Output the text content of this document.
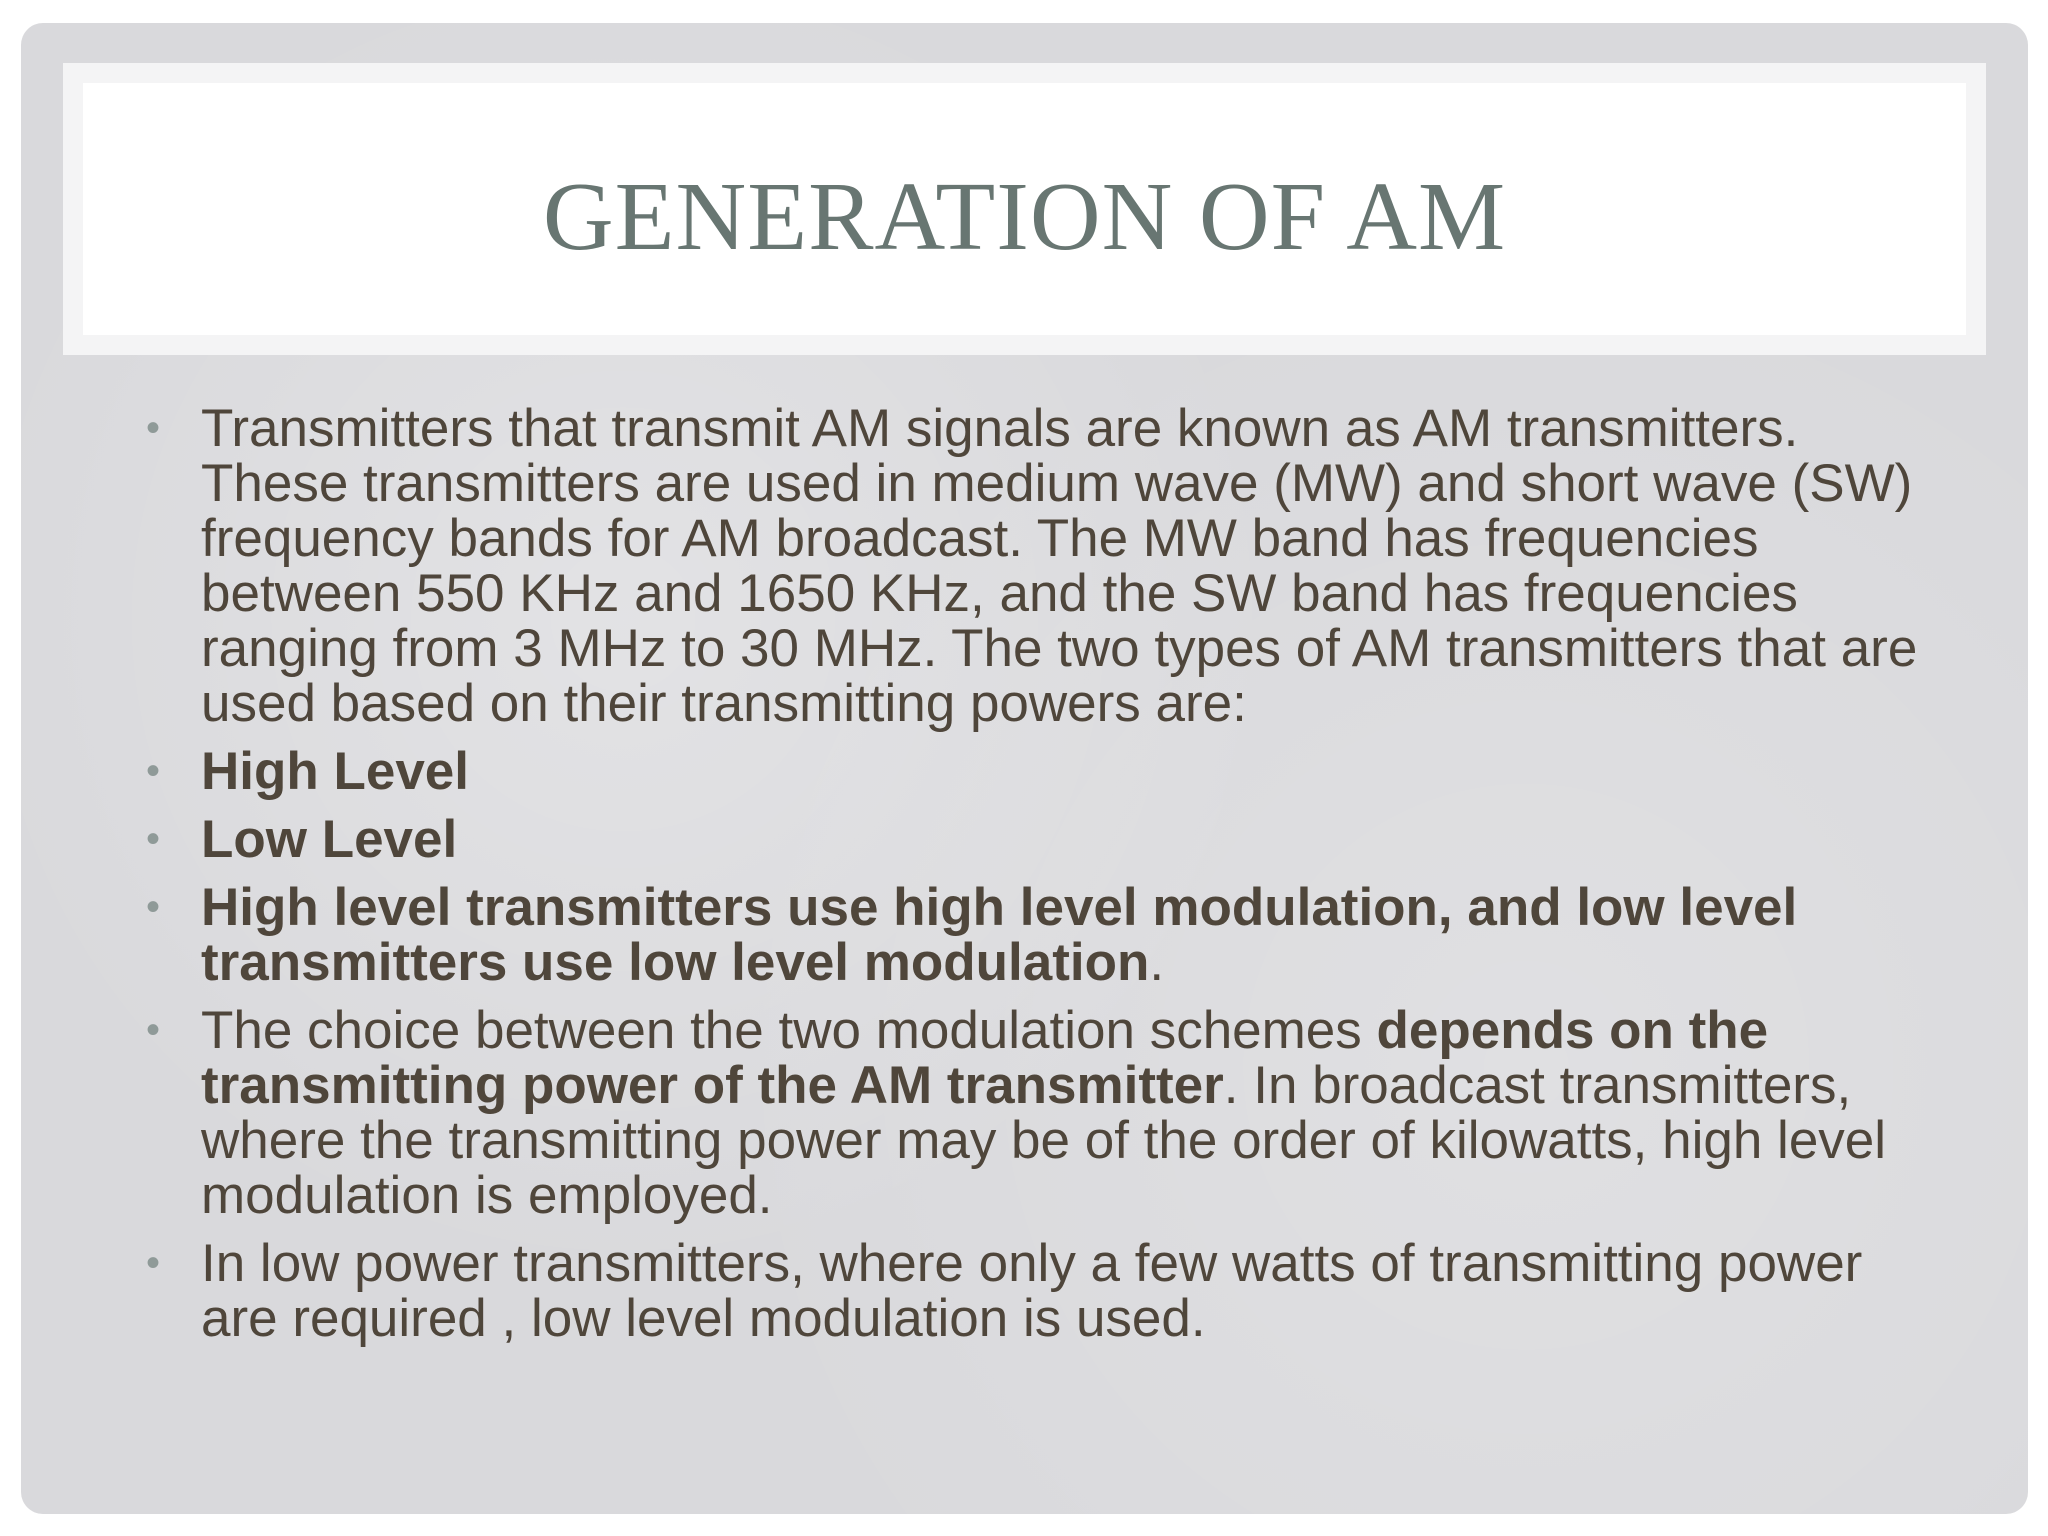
GENERATION OF AM
• Transmitters that transmit AM signals are known as AM transmitters. These transmitters are used in medium wave (MW) and short wave (SW) frequency bands for AM broadcast. The MW band has frequencies between 550 KHz and 1650 KHz, and the SW band has frequencies ranging from 3 MHz to 30 MHz. The two types of AM transmitters that are used based on their transmitting powers are:
• High Level
• Low Level
• High level transmitters use high level modulation, and low level transmitters use low level modulation.
• The choice between the two modulation schemes depends on the transmitting power of the AM transmitter. In broadcast transmitters, where the transmitting power may be of the order of kilowatts, high level modulation is employed.
• In low power transmitters, where only a few watts of transmitting power are required , low level modulation is used.
